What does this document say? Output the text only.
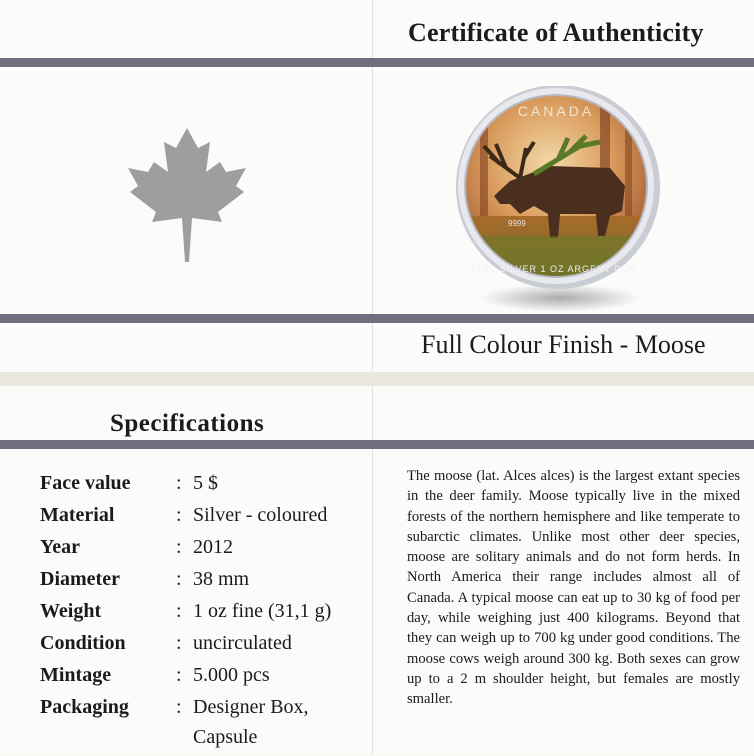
Certificate of Authenticity
CANADA
9999
FINE SILVER 1 OZ ARGENT PUR
Full Colour Finish - Moose
Specifications
Face value : 5 $
Material	: Silver - coloured
Year	: 2012
Diameter	: 38 mm
Weight	: 1 oz fine (31,1 g)
Condition	: uncirculated
Mintage	: 5.000 pcs
Packaging : Designer Box,
Capsule

The moose (lat. Alces alces) is the largest extant species in the deer family. Moose typically live in the mixed forests of the northern hemisphere and like temperate to subarctic climates. Unlike most other deer species, moose are solitary animals and do not form herds. In North America their range includes almost all of Canada. A typical moose can eat up to 30 kg of food per day, while weighing just 400 kilograms. Beyond that they can weigh up to 700 kg under good conditions. The moose cows weigh around 300 kg. Both sexes can grow up to a 2 m shoulder height, but females are mostly smaller.
